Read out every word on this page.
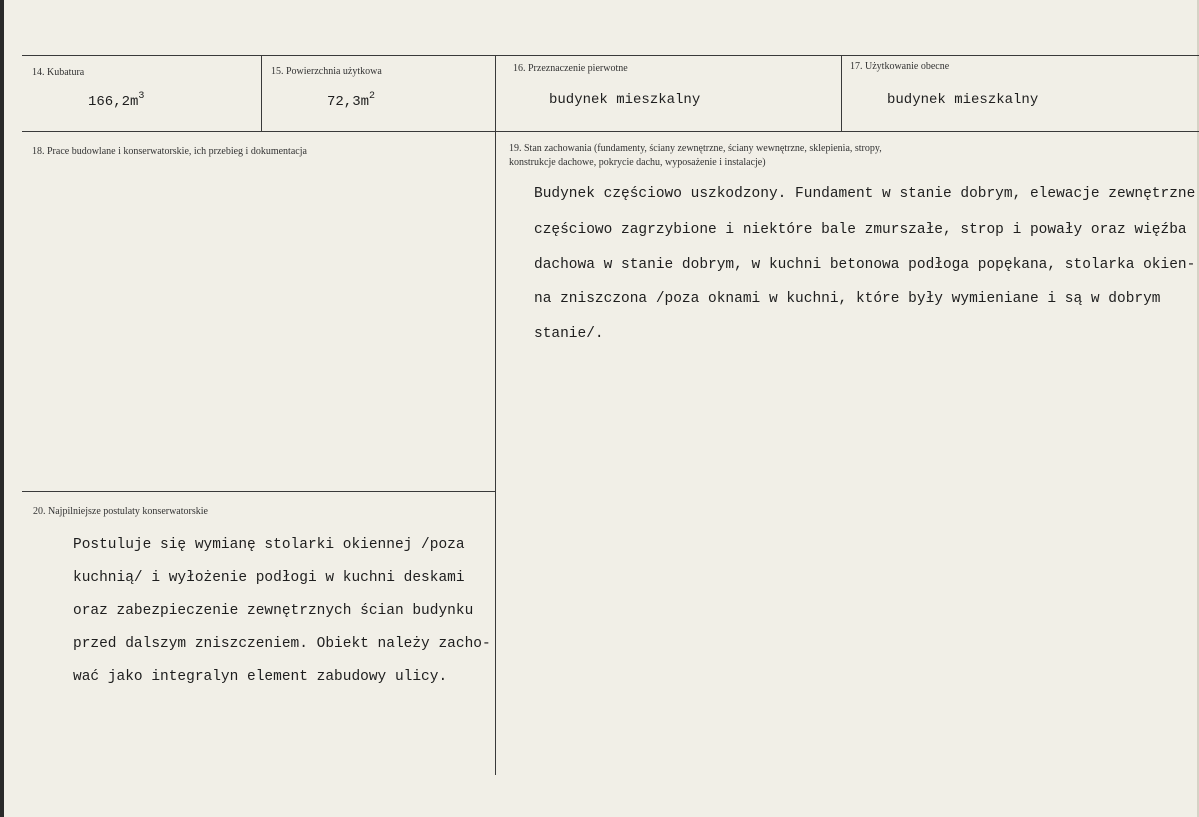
14. Kubatura
$166,2m^3$
15. Powierzchnia użytkowa
$72,3m^2$
16. Przeznaczenie pierwotne
budynek mieszkalny
17. Użytkowanie obecne
budynek mieszkalny
18. Prace budowlane i konserwatorskie, ich przebieg i dokumentacja	19. Stan zachowania (fundamenty, ściany zewnętrzne, ściany wewnętrzne, sklepienia, stropy,
konstrukcje dachowe, pokrycie dachu, wyposażenie i instalacje)
Budynek częściowo uszkodzony. Fundament w stanie dobrym, elewacje zewnętrzne
częściowo zagrzybione i niektóre bale zmurszałe, strop i powały oraz więźba
dachowa w stanie dobrym, w kuchni betonowa podłoga popękana, stolarka okien-
na zniszczona /poza oknami w kuchni, które były wymieniane i są w dobrym
stanie/.
20. Najpilniejsze postulaty konserwatorskie
Postuluje się wymianę stolarki okiennej /poza
kuchnią/ i wyłożenie podłogi w kuchni deskami
oraz zabezpieczenie zewnętrznych ścian budynku
przed dalszym zniszczeniem. Obiekt należy zacho-
wać jako integralyn element zabudowy ulicy.
